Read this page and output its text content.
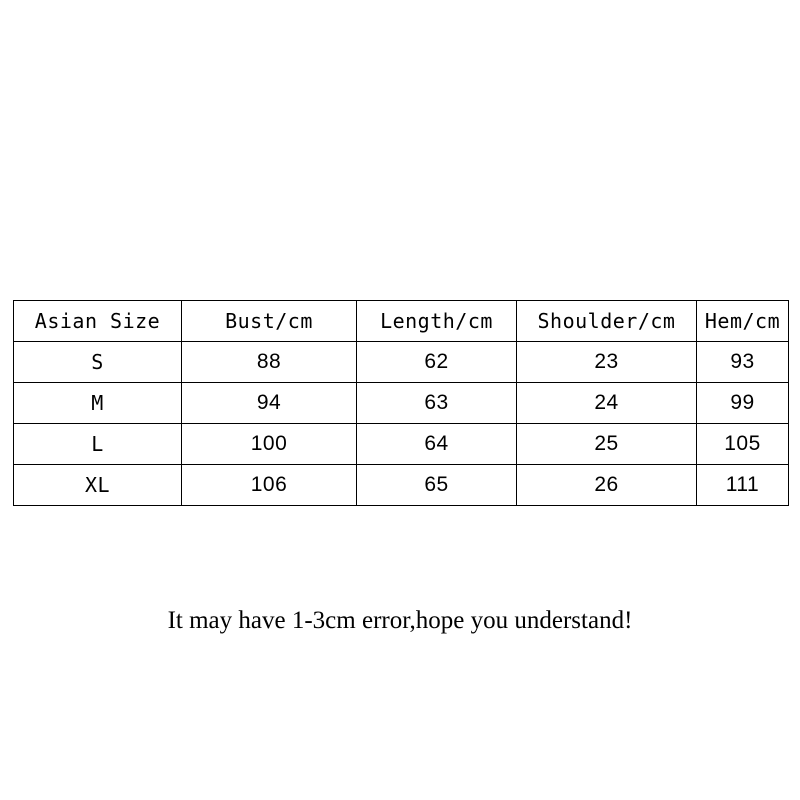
Asian Size	Bust/cm	Length/cm	Shoulder/cm	Hem/cm
S	88	62	23	93
M	94	63	24	99
L	100	64	25	105
XL	106	65	26	111
It may have 1-3cm error,hope you understand!
